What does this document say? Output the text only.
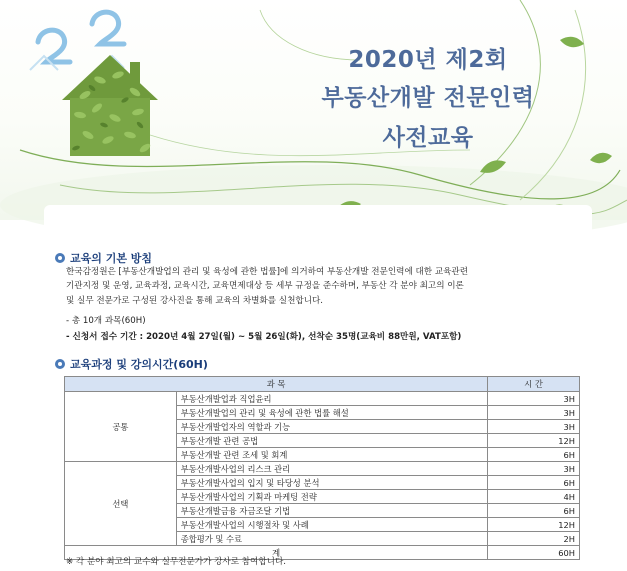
2020년 제2회
부동산개발 전문인력
사전교육
교육의 기본 방침

한국감정원은 [부동산개발업의 관리 및 육성에 관한 법률]에 의거하여 부동산개발 전문인력에 대한 교육관련

기관지정 및 운영, 교육과정, 교육시간, 교육면제대상 등 세부 규정을 준수하며, 부동산 각 분야 최고의 이론

및 실무 전문가로 구성된 강사진을 통해 교육의 차별화를 실천합니다.

- 총 10개 과목(60H)
- 신청서 접수 기간 : 2020년 4월 27일(월) ~ 5월 26일(화), 선착순 35명(교육비 88만원, VAT포함)
교육과정 및 강의시간(60H)
과 목		시 간
공통	부동산개발업과 직업윤리	3H
	부동산개발업의 관리 및 육성에 관한 법률 해설	3H
	부동산개발업자의 역할과 기능	3H
	부동산개발 관련 공법	12H
	부동산개발 관련 조세 및 회계	6H
선택	부동산개발사업의 리스크 관리	3H
	부동산개발사업의 입지 및 타당성 분석	6H
	부동산개발사업의 기획과 마케팅 전략	4H
	부동산개발금융 자금조달 기법	6H
	부동산개발사업의 시행절차 및 사례	12H
	종합평가 및 수료	2H
계		60H
※ 각 분야 최고의 교수와 실무전문가가 강사로 참여합니다.
